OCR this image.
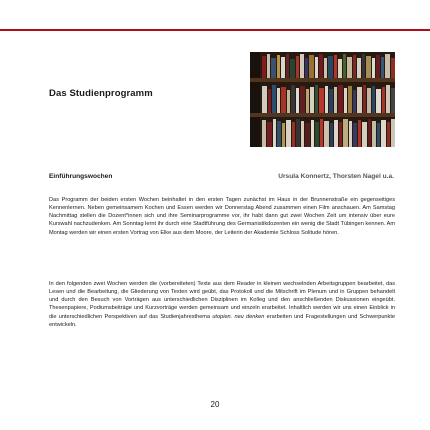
Das Studienprogramm
Einführungswochen	Ursula Konnertz, Thorsten Nagel u.a.
Das Programm der beiden ersten Wochen beinhaltet in den ersten Tagen zunächst im Haus in der Brunnenstraße ein gegenseitiges Kennenlernen. Neben gemeinsamem Kochen und Essen werden wir Donnerstag Abend zusammen einen Film anschauen. Am Samstag Nachmittag stellen die Dozent*innen sich und ihre Seminarprogramme vor, ihr habt dann gut zwei Wochen Zeit um intensiv über eure Kurswahl nachzudenken. Am Sonntag lernt ihr durch eine Stadtführung des Germanistikdozenten ein wenig die Stadt Tübingen kennen. Am Montag werden wir einen ersten Vortrag von Elke aus dem Moore, der Leiterin der Akademie Schloss Solitude hören.
In den folgenden zwei Wochen werden die (vorbereiteten) Texte aus dem Reader in kleinen wechselnden Arbeitsgruppen bearbeitet, das Lesen und die Bearbeitung, die Gliederung von Texten wird geübt, das Protokoll und die Mitschrift im Plenum und in Gruppen behandelt und durch den Besuch von Vorträgen aus unterschiedlichen Disziplinen im Kolleg und den anschließenden Diskussionen eingeübt. Thesenpapiere, Podiumsbeiträge und Kurzvorträge werden gemeinsam und einzeln erarbeitet. Inhaltlich werden wir uns einen Einblick in die unterschiedlichen Perspektiven auf das Studienjahresthema utopien. neu denken erarbeiten und Fragestellungen und Schwerpunkte entwickeln.
20
